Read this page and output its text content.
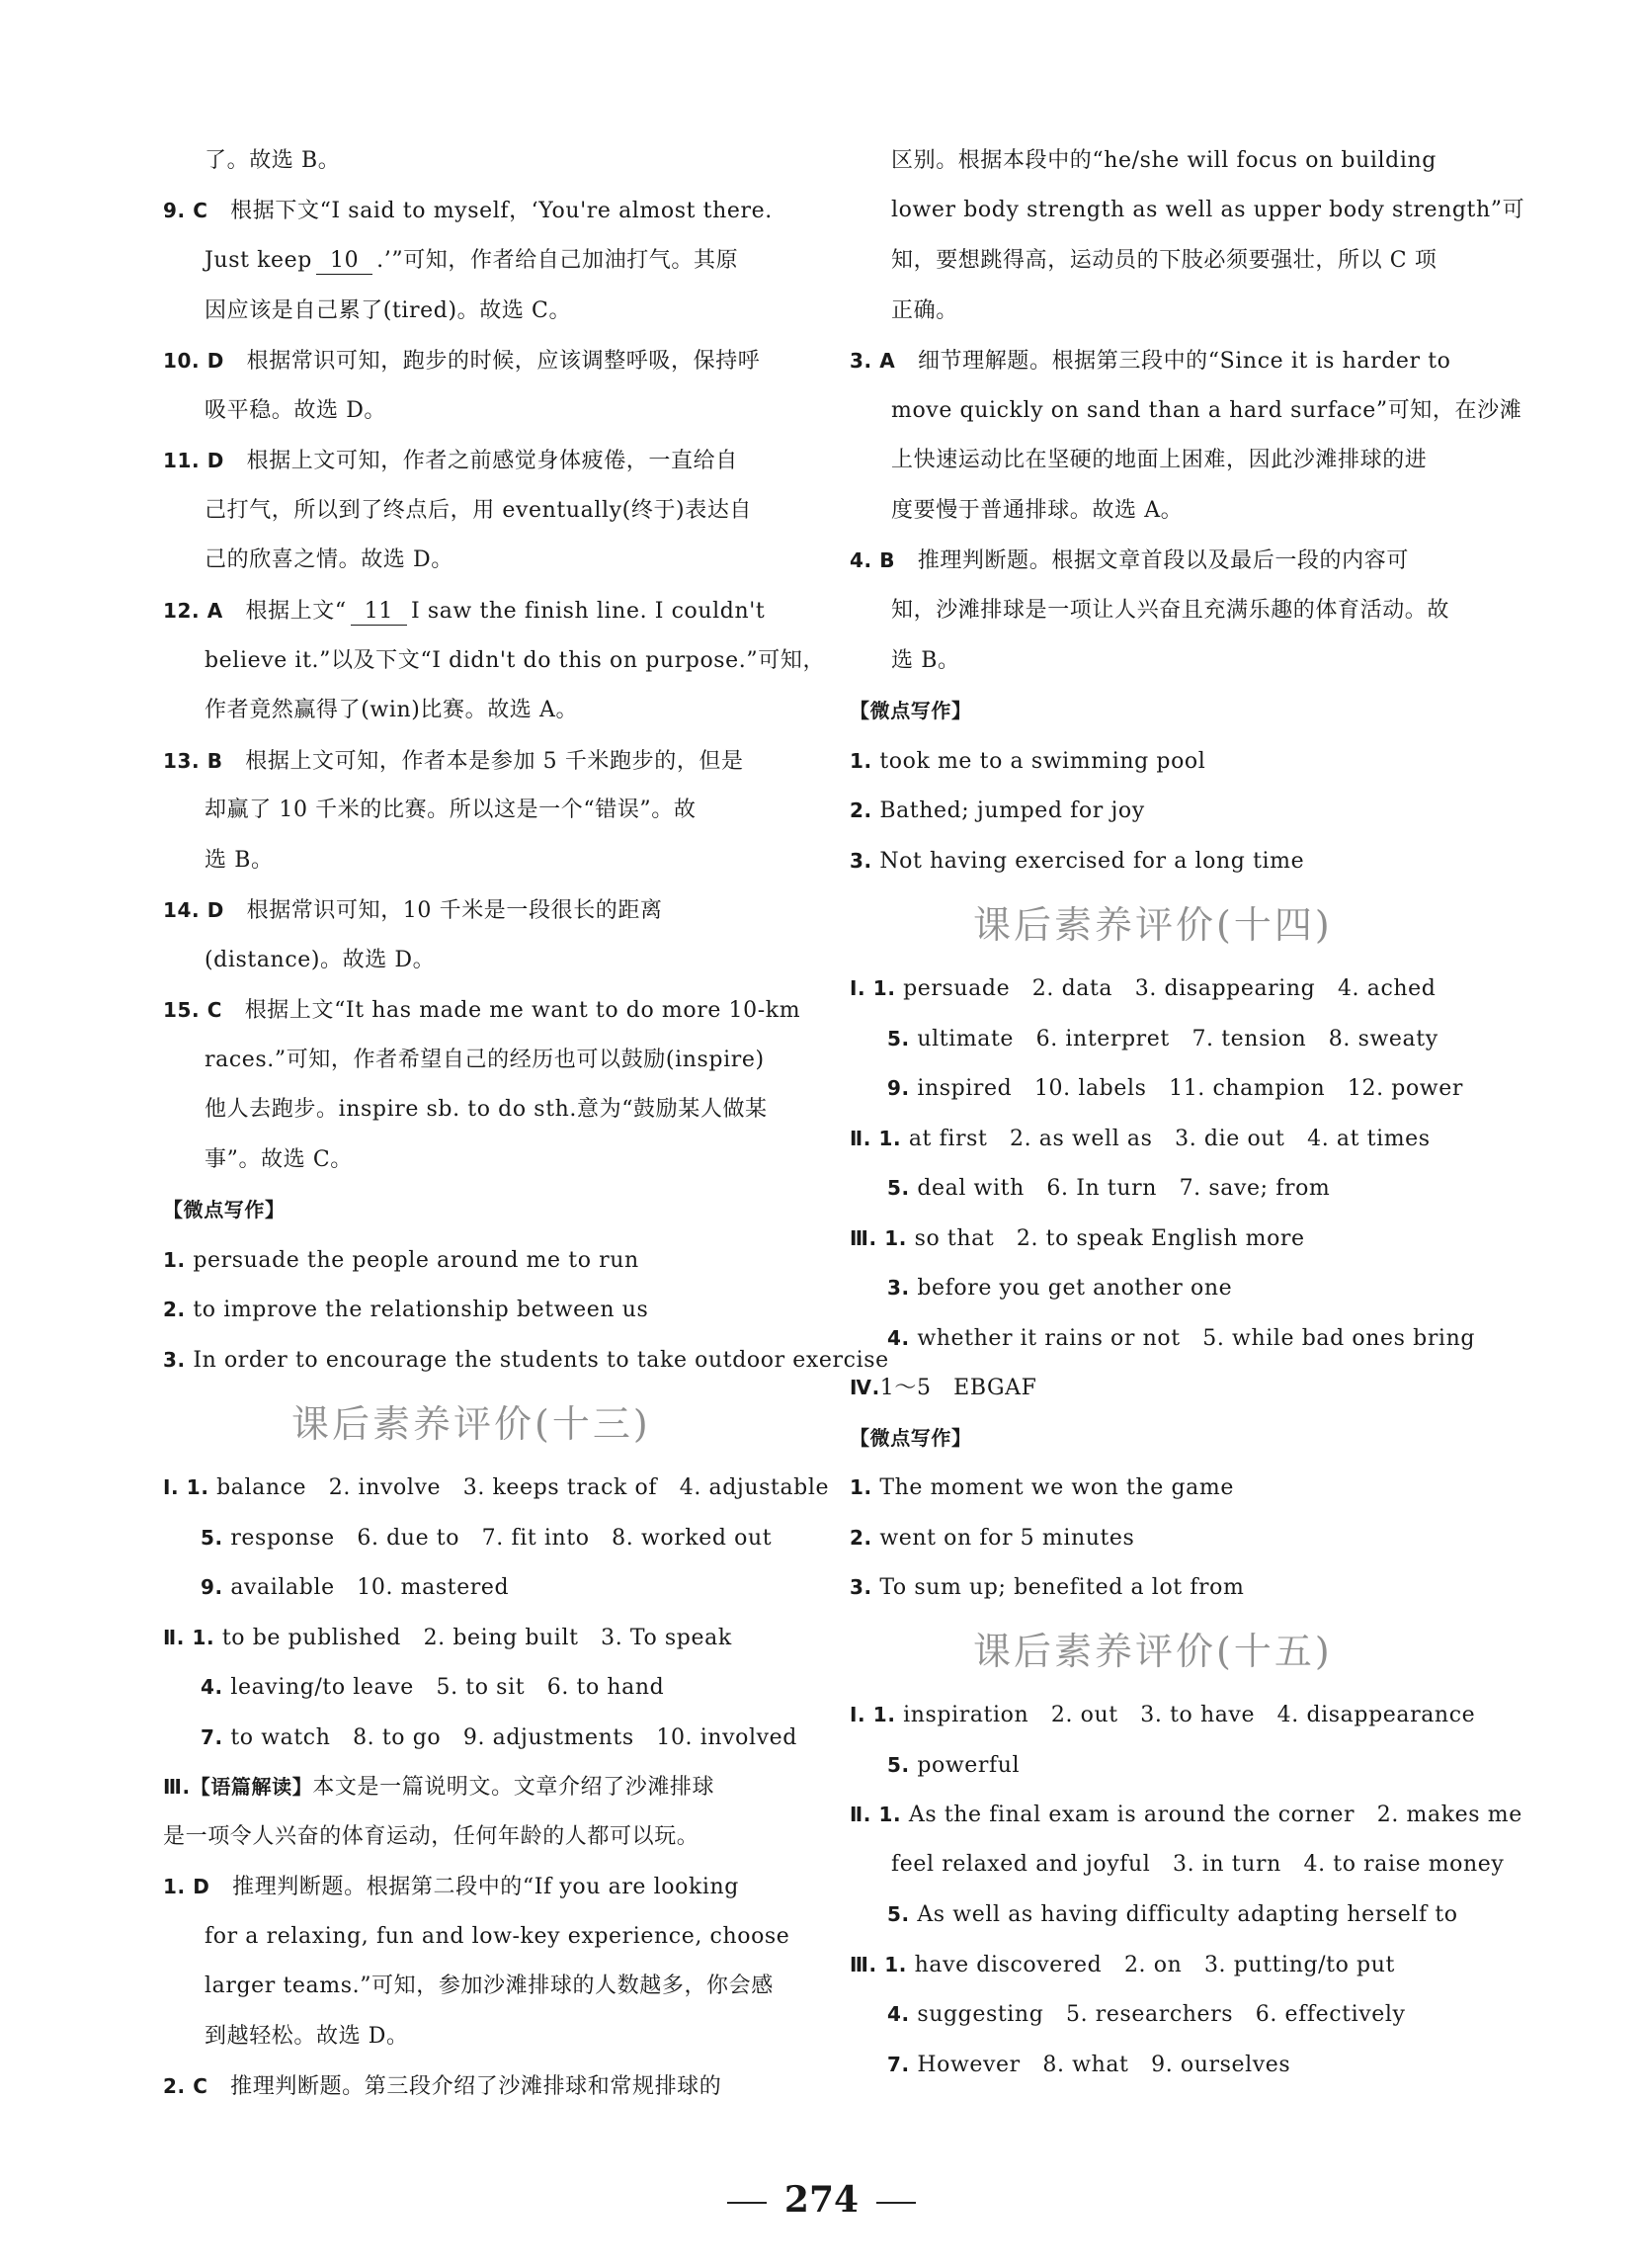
了。故选 B。
9. C　 根据下文“I said to myself，‘You're almost there.
Just keep 10 .’”可知，作者给自己加油打气。其原
因应该是自己累了(tired)。故选 C。
10. D　 根据常识可知，跑步的时候，应该调整呼吸，保持呼
吸平稳。故选 D。
11. D　 根据上文可知，作者之前感觉身体疲倦，一直给自
己打气，所以到了终点后，用 eventually(终于)表达自
己的欣喜之情。故选 D。
12. A　 根据上文“ 11 I saw the finish line. I couldn't
believe it.”以及下文“I didn't do this on purpose.”可知，
作者竟然赢得了(win)比赛。故选 A。
13. B　 根据上文可知，作者本是参加 5 千米跑步的，但是
却赢了 10 千米的比赛。所以这是一个“错误”。故
选 B。
14. D　 根据常识可知，10 千米是一段很长的距离
(distance)。故选 D。
15. C　 根据上文“It has made me want to do more 10-km
races.”可知，作者希望自己的经历也可以鼓励(inspire)
他人去跑步。inspire sb. to do sth.意为“鼓励某人做某
事”。故选 C。
【微点写作】
1. persuade the people around me to run
2. to improve the relationship between us
3. In order to encourage the students to take outdoor exercise
课后素养评价(十三)
Ⅰ. 1. balance　2. involve　3. keeps track of　4. adjustable
5. response　6. due to　7. fit into　8. worked out
9. available　10. mastered
Ⅱ. 1. to be published　2. being built　3. To speak
4. leaving/to leave　5. to sit　6. to hand
7. to watch　8. to go　9. adjustments　10. involved
Ⅲ.【语篇解读】本文是一篇说明文。文章介绍了沙滩排球
是一项令人兴奋的体育运动，任何年龄的人都可以玩。
1. D　 推理判断题。根据第二段中的“If you are looking
for a relaxing, fun and low-key experience, choose
larger teams.”可知，参加沙滩排球的人数越多，你会感
到越轻松。故选 D。
2. C　 推理判断题。第三段介绍了沙滩排球和常规排球的
区别。根据本段中的“he/she will focus on building
lower body strength as well as upper body strength”可
知，要想跳得高，运动员的下肢必须要强壮，所以 C 项
正确。
3. A　 细节理解题。根据第三段中的“Since it is harder to
move quickly on sand than a hard surface”可知，在沙滩
上快速运动比在坚硬的地面上困难，因此沙滩排球的进
度要慢于普通排球。故选 A。
4. B　 推理判断题。根据文章首段以及最后一段的内容可
知，沙滩排球是一项让人兴奋且充满乐趣的体育活动。故
选 B。
【微点写作】
1. took me to a swimming pool
2. Bathed; jumped for joy
3. Not having exercised for a long time
课后素养评价(十四)
Ⅰ. 1. persuade　2. data　3. disappearing　4. ached
5. ultimate　6. interpret　7. tension　8. sweaty
9. inspired　10. labels　11. champion　12. power
Ⅱ. 1. at first　2. as well as　3. die out　4. at times
5. deal with　6. In turn　7. save; from
Ⅲ. 1. so that　2. to speak English more
3. before you get another one
4. whether it rains or not　5. while bad ones bring
Ⅳ.1～5　EBGAF
【微点写作】
1. The moment we won the game
2. went on for 5 minutes
3. To sum up; benefited a lot from
课后素养评价(十五)
Ⅰ. 1. inspiration　2. out　3. to have　4. disappearance
5. powerful
Ⅱ. 1. As the final exam is around the corner　2. makes me
feel relaxed and joyful　3. in turn　4. to raise money
5. As well as having difficulty adapting herself to
Ⅲ. 1. have discovered　2. on　3. putting/to put
4. suggesting　5. researchers　6. effectively
7. However　8. what　9. ourselves
274
